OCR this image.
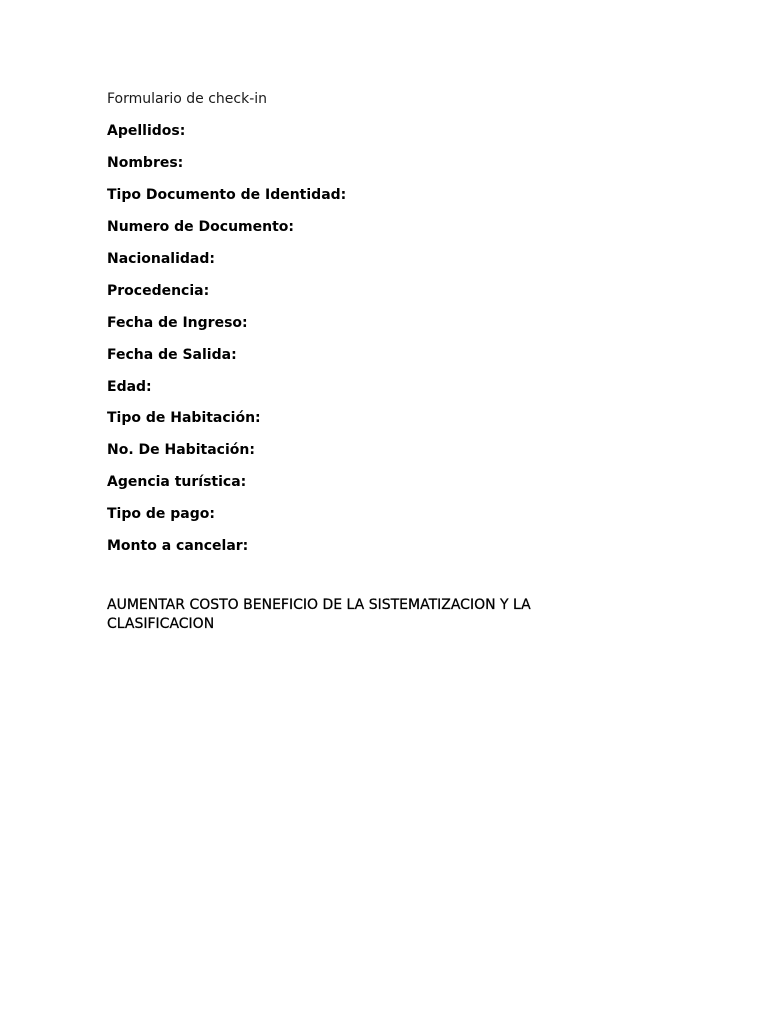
Formulario de check-in
Apellidos:
Nombres:
Tipo Documento de Identidad:
Numero de Documento:
Nacionalidad:
Procedencia:
Fecha de Ingreso:
Fecha de Salida:
Edad:
Tipo de Habitación:
No. De Habitación:
Agencia turística:
Tipo de pago:
Monto a cancelar:

AUMENTAR COSTO BENEFICIO DE LA SISTEMATIZACION Y LA CLASIFICACION
